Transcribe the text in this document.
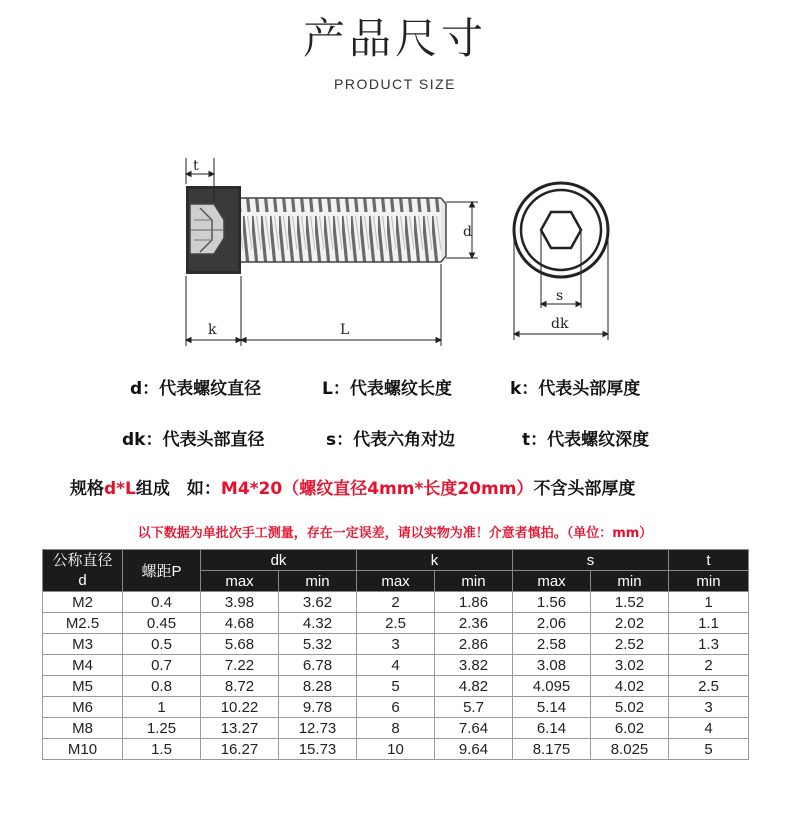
产品尺寸
PRODUCT SIZE
t
d
k	L
s
dk
d：代表螺纹直径	L：代表螺纹长度	k：代表头部厚度
dk：代表头部直径	s：代表六角对边	t：代表螺纹深度
规格d*L组成　如：M4*20（螺纹直径4mm*长度20mm）不含头部厚度
以下数据为单批次手工测量，存在一定误差，请以实物为准！介意者慎拍。（单位：mm）
公称直径
d	螺距P	dk		k		s		t
		max	min	max	min	max	min	min
M2	0.4	3.98	3.62	2	1.86	1.56	1.52	1
M2.5	0.45	4.68	4.32	2.5	2.36	2.06	2.02	1.1
M3	0.5	5.68	5.32	3	2.86	2.58	2.52	1.3
M4	0.7	7.22	6.78	4	3.82	3.08	3.02	2
M5	0.8	8.72	8.28	5	4.82	4.095	4.02	2.5
M6	1	10.22	9.78	6	5.7	5.14	5.02	3
M8	1.25	13.27	12.73	8	7.64	6.14	6.02	4
M10	1.5	16.27	15.73	10	9.64	8.175	8.025	5
